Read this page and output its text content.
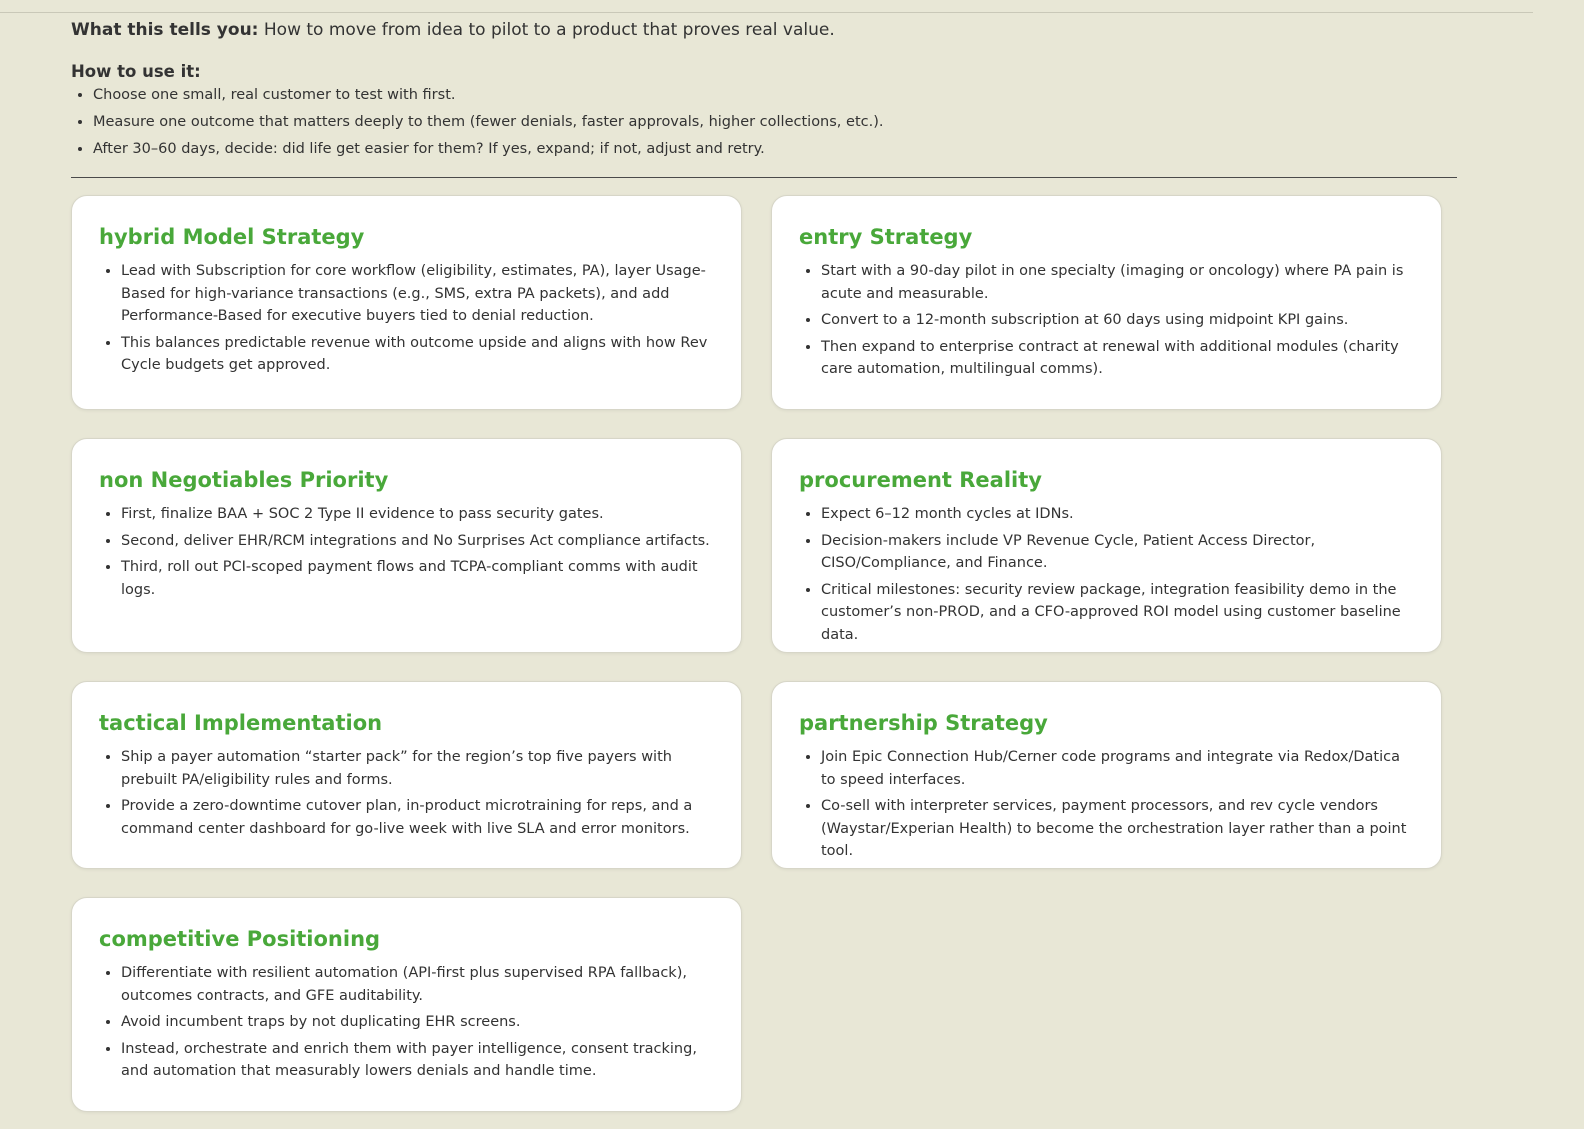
What this tells you: How to move from idea to pilot to a product that proves real value.

How to use it:

• Choose one small, real customer to test with first.
• Measure one outcome that matters deeply to them (fewer denials, faster approvals, higher collections, etc.).
• After 30–60 days, decide: did life get easier for them? If yes, expand; if not, adjust and retry.
hybrid Model Strategy
• Lead with Subscription for core workflow (eligibility, estimates, PA), layer Usage-Based for high-variance transactions (e.g., SMS, extra PA packets), and add Performance-Based for executive buyers tied to denial reduction.
• This balances predictable revenue with outcome upside and aligns with how Rev Cycle budgets get approved.
entry Strategy
• Start with a 90-day pilot in one specialty (imaging or oncology) where PA pain is acute and measurable.
• Convert to a 12-month subscription at 60 days using midpoint KPI gains.
• Then expand to enterprise contract at renewal with additional modules (charity care automation, multilingual comms).
non Negotiables Priority
• First, finalize BAA + SOC 2 Type II evidence to pass security gates.
• Second, deliver EHR/RCM integrations and No Surprises Act compliance artifacts.
• Third, roll out PCI-scoped payment flows and TCPA-compliant comms with audit logs.
procurement Reality
• Expect 6–12 month cycles at IDNs.
• Decision-makers include VP Revenue Cycle, Patient Access Director, CISO/Compliance, and Finance.
• Critical milestones: security review package, integration feasibility demo in the customer’s non-PROD, and a CFO-approved ROI model using customer baseline data.
tactical Implementation
• Ship a payer automation “starter pack” for the region’s top five payers with prebuilt PA/eligibility rules and forms.
• Provide a zero-downtime cutover plan, in-product microtraining for reps, and a command center dashboard for go-live week with live SLA and error monitors.
partnership Strategy
• Join Epic Connection Hub/Cerner code programs and integrate via Redox/Datica to speed interfaces.
• Co-sell with interpreter services, payment processors, and rev cycle vendors (Waystar/Experian Health) to become the orchestration layer rather than a point tool.
competitive Positioning
• Differentiate with resilient automation (API-first plus supervised RPA fallback), outcomes contracts, and GFE auditability.
• Avoid incumbent traps by not duplicating EHR screens.
• Instead, orchestrate and enrich them with payer intelligence, consent tracking, and automation that measurably lowers denials and handle time.
